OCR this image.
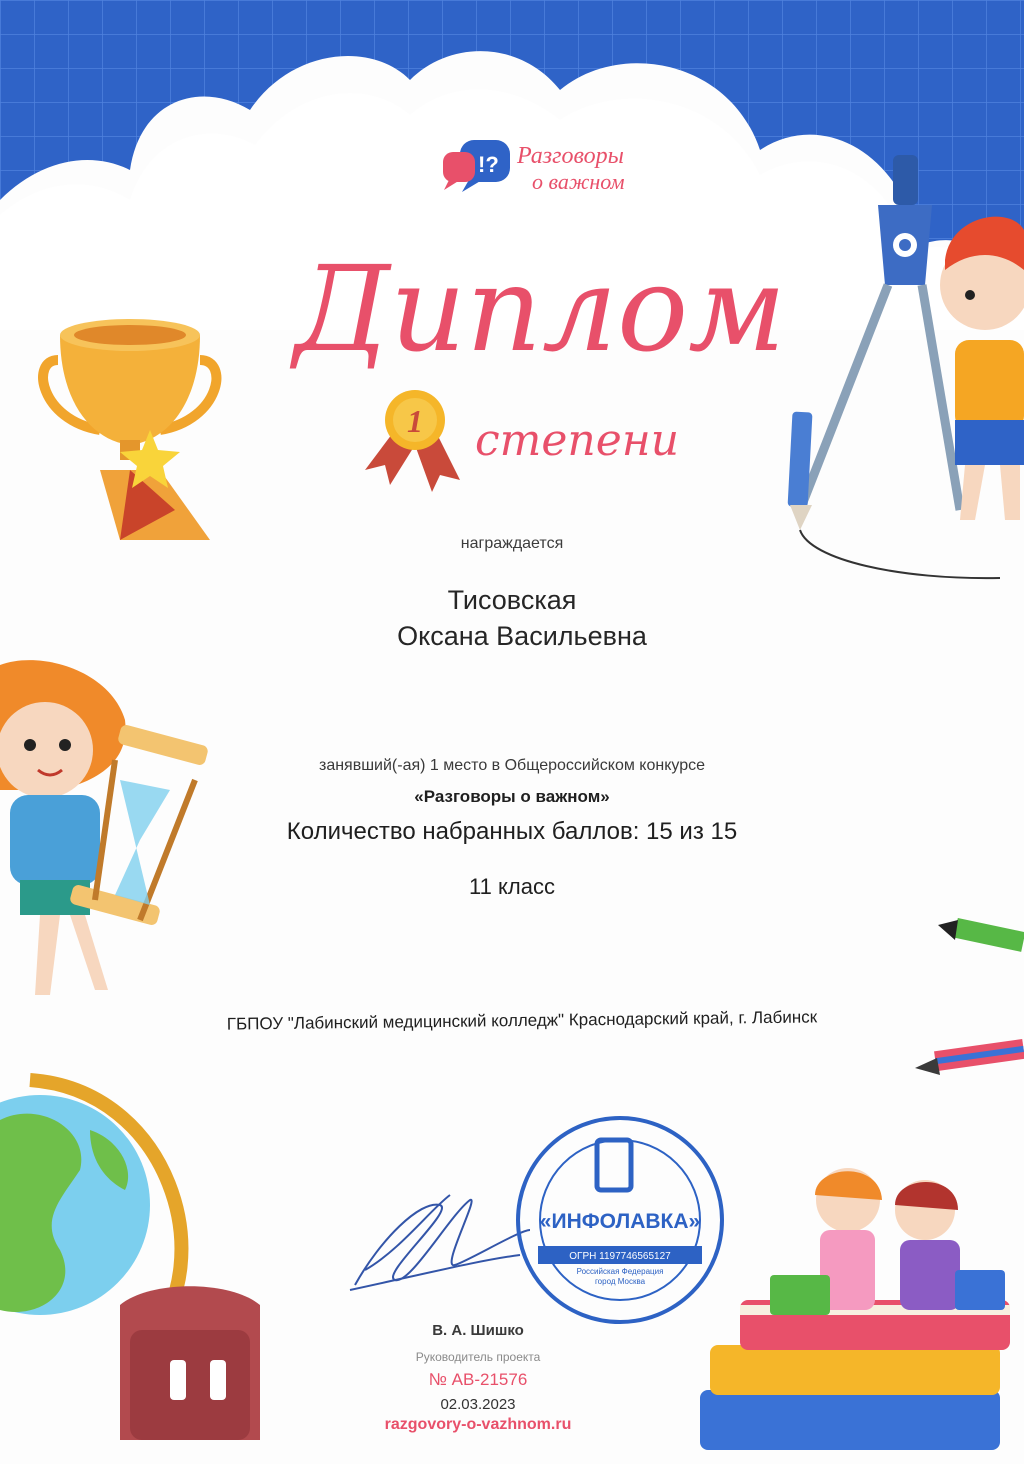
!? Разговоры
о важном
Диплом
1 степени
«ИНФОЛАВКА»
ОГРН 1197746565127
Российская Федерация
город Москва
награждается
Тисовская
Оксана Васильевна
занявший(-ая) 1 место в Общероссийском конкурсе
«Разговоры о важном»
Количество набранных баллов: 15 из 15
11 класс
ГБПОУ "Лабинский медицинский колледж" Краснодарский край, г. Лабинск
В. А. Шишко
Руководитель проекта
№ АВ-21576
02.03.2023
razgovory-o-vazhnom.ru
